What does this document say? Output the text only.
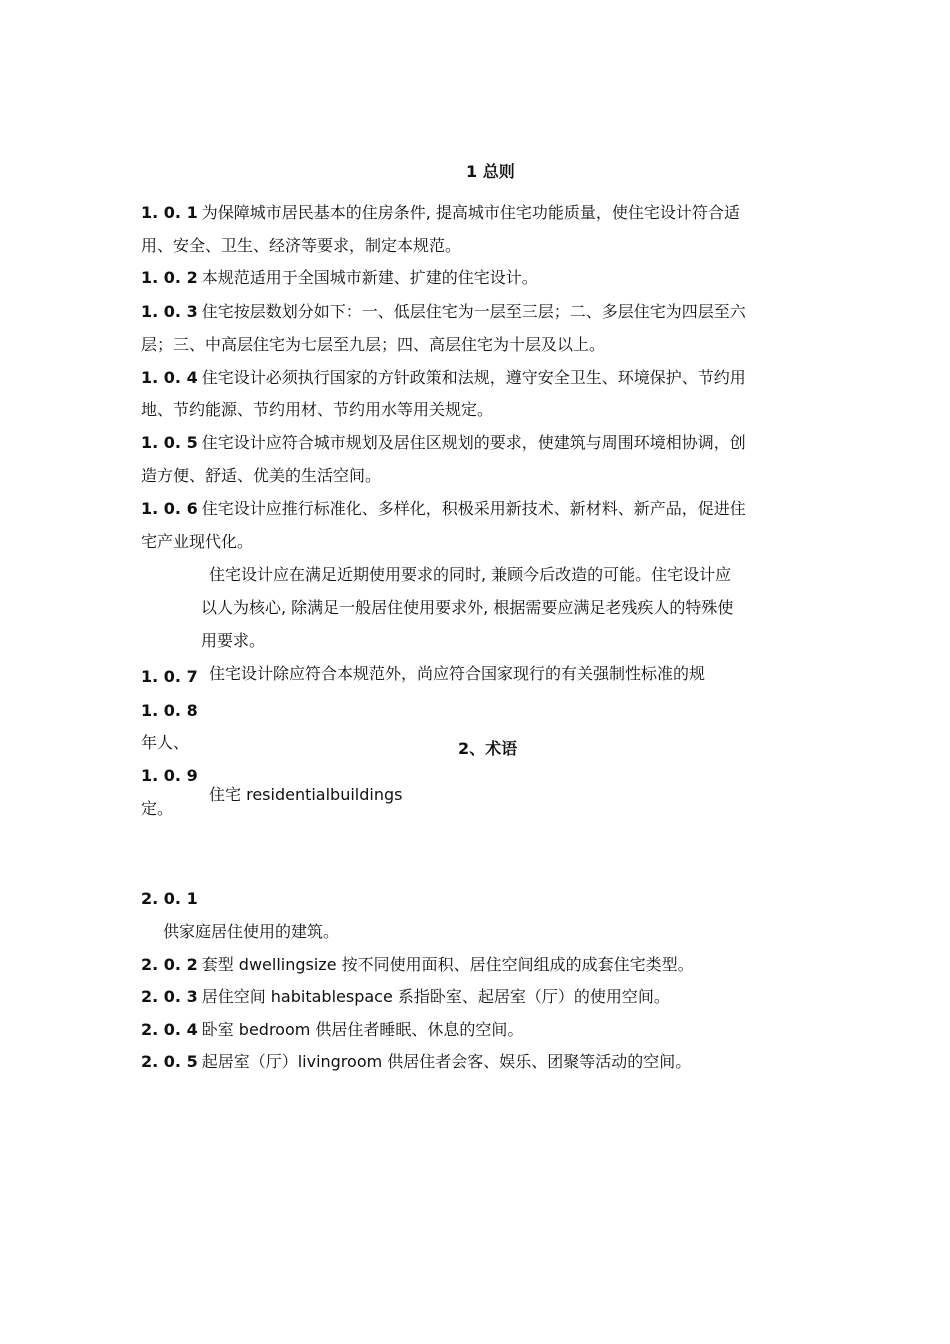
1 总则
1. 0. 1 为保障城市居民基本的住房条件, 提高城市住宅功能质量，使住宅设计符合适
用、安全、卫生、经济等要求，制定本规范。
1. 0. 2 本规范适用于全国城市新建、扩建的住宅设计。
1. 0. 3 住宅按层数划分如下：一、低层住宅为一层至三层；二、多层住宅为四层至六
层；三、中高层住宅为七层至九层；四、高层住宅为十层及以上。
1. 0. 4 住宅设计必须执行国家的方针政策和法规，遵守安全卫生、环境保护、节约用
地、节约能源、节约用材、节约用水等用关规定。
1. 0. 5 住宅设计应符合城市规划及居住区规划的要求，使建筑与周围环境相协调，创
造方便、舒适、优美的生活空间。
1. 0. 6 住宅设计应推行标准化、多样化，积极采用新技术、新材料、新产品，促进住
宅产业现代化。
住宅设计应在满足近期使用要求的同时, 兼顾今后改造的可能。住宅设计应
以人为核心, 除满足一般居住使用要求外, 根据需要应满足老残疾人的特殊使
用要求。
1. 0. 7 住宅设计除应符合本规范外，尚应符合国家现行的有关强制性标准的规
1. 0. 8
年人、	2、术语
1. 0. 9
住宅 residentialbuildings
定。
2. 0. 1
供家庭居住使用的建筑。
2. 0. 2 套型 dwellingsize 按不同使用面积、居住空间组成的成套住宅类型。
2. 0. 3 居住空间 habitablespace 系指卧室、起居室（厅）的使用空间。
2. 0. 4 卧室 bedroom 供居住者睡眠、休息的空间。
2. 0. 5 起居室（厅）livingroom 供居住者会客、娱乐、团聚等活动的空间。
